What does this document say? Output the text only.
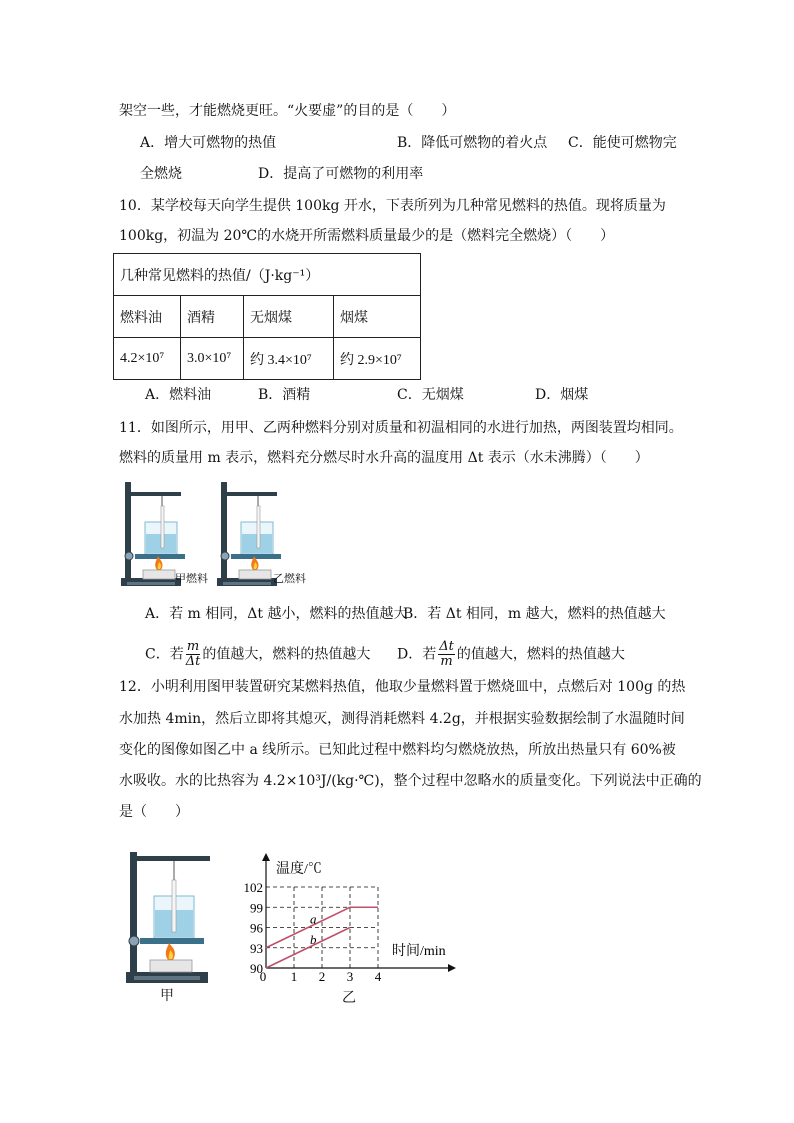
架空一些，才能燃烧更旺。“火要虚”的目的是（　　）
A．增大可燃物的热值	B．降低可燃物的着火点 C．能使可燃物完
全燃烧	D．提高了可燃物的利用率
10．某学校每天向学生提供 100kg 开水，下表所列为几种常见燃料的热值。现将质量为
100kg，初温为 20℃的水烧开所需燃料质量最少的是（燃料完全燃烧）（　　）
几种常见燃料的热值/（J·kg⁻¹）			
燃料油	酒精	无烟煤	烟煤
4.2×10⁷	3.0×10⁷	约 3.4×10⁷	约 2.9×10⁷
A．燃料油	B．酒精	C．无烟煤	D．烟煤
11．如图所示，用甲、乙两种燃料分别对质量和初温相同的水进行加热，两图装置均相同。
燃料的质量用 m 表示，燃料充分燃尽时水升高的温度用 Δt 表示（水未沸腾）（　　）
甲燃料	乙燃料
A．若 m 相同，Δt 越小，燃料的热值越大
B．若 Δt 相同，m 越大，燃料的热值越大
C．若 $\frac{m}{\Delta t}$ 的值越大，燃料的热值越大 D．若 $\frac{\Delta t}{m}$ 的值越大，燃料的热值越大
12．小明利用图甲装置研究某燃料热值，他取少量燃料置于燃烧皿中，点燃后对 100g 的热
水加热 4min，然后立即将其熄灭，测得消耗燃料 4.2g，并根据实验数据绘制了水温随时间
变化的图像如图乙中 a 线所示。已知此过程中燃料均匀燃烧放热，所放出热量只有 60%被
水吸收。水的比热容为 4.2×10³J/(kg·℃)，整个过程中忽略水的质量变化。下列说法中正确的
是（　　）
甲
90
93
96
99
102
0 1 2 3 4
a
b
温度/℃
时间/min
乙
